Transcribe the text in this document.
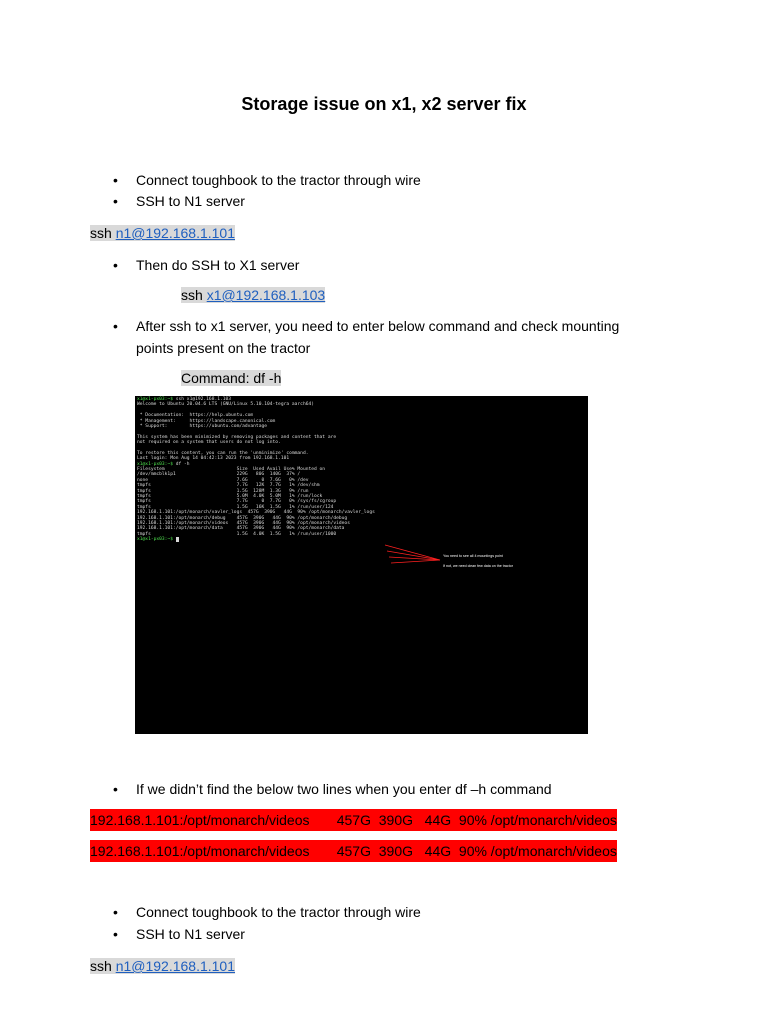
Storage issue on x1, x2 server fix
•	Connect toughbook to the tractor through wire
•	SSH to N1 server
ssh n1@192.168.1.101
•	Then do SSH to X1 server
ssh x1@192.168.1.103
•	After ssh to x1 server, you need to enter below command and check mounting
points present on the tractor
Command: df -h
x1@x1-px03:~$ ssh x1@192.168.1.103
Welcome to Ubuntu 20.04.6 LTS (GNU/Linux 5.10.104-tegra aarch64)
* Documentation:  https://help.ubuntu.com
* Management:     https://landscape.canonical.com
* Support:        https://ubuntu.com/advantage
This system has been minimized by removing packages and content that are
not required on a system that users do not log into.
To restore this content, you can run the 'unminimize' command.
Last login: Mon Aug 14 04:42:13 2023 from 192.168.1.101
x1@x1-px03:~$ df -h
Filesystem                          Size  Used Avail Use% Mounted on
/dev/mmcblk1p1                      229G   80G  140G  37% /
none                                7.6G     0  7.6G   0% /dev
tmpfs                               7.7G   12K  7.7G   1% /dev/shm
tmpfs                               1.5G  128M  1.3G   9% /run
tmpfs                               5.0M  4.0K  5.0M   1% /run/lock
tmpfs                               7.7G     0  7.7G   0% /sys/fs/cgroup
tmpfs                               1.5G   16K  1.5G   1% /run/user/124
192.168.1.101:/opt/monarch/vavler_logs  457G  390G   44G  90% /opt/monarch/vavler_logs
192.168.1.101:/opt/monarch/debug    457G  390G   44G  90% /opt/monarch/debug
192.168.1.101:/opt/monarch/videos   457G  390G   44G  90% /opt/monarch/videos
192.168.1.101:/opt/monarch/data     457G  390G   44G  90% /opt/monarch/data
tmpfs                               1.5G  4.0K  1.5G   1% /run/user/1000
x1@x1-px03:~$
You need to see all 4 mountings point
If not, we need clean few data on the tractor
•	If we didn’t find the below two lines when you enter df –h command
192.168.1.101:/opt/monarch/videos       457G  390G   44G  90% /opt/monarch/videos
192.168.1.101:/opt/monarch/videos       457G  390G   44G  90% /opt/monarch/videos
•	Connect toughbook to the tractor through wire
•	SSH to N1 server
ssh n1@192.168.1.101
